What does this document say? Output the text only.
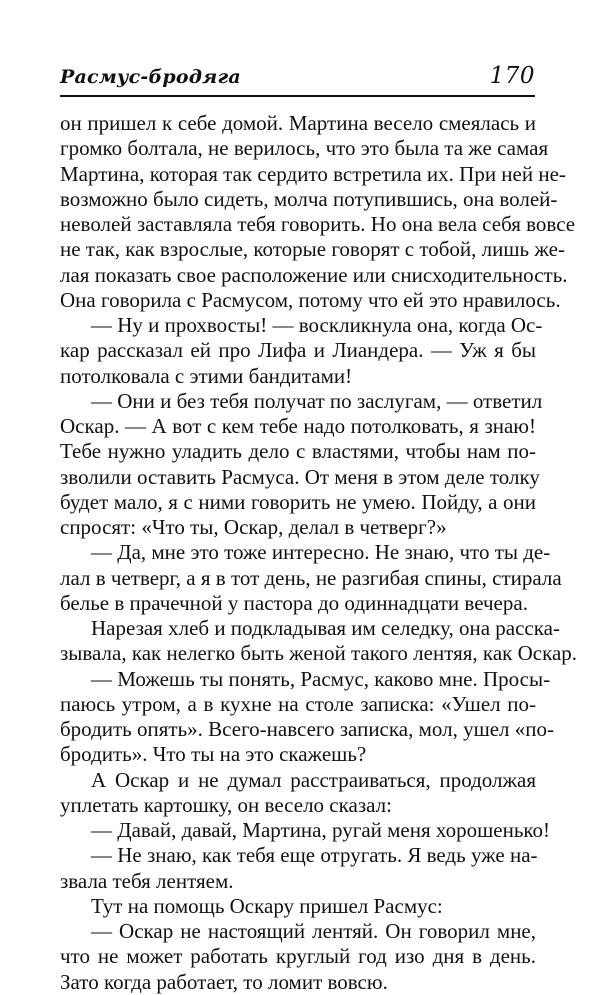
Расмус-бродяга	170
он пришел к себе домой. Мартина весело смеялась и
громко болтала, не верилось, что это была та же самая
Мартина, которая так сердито встретила их. При ней не-
возможно было сидеть, молча потупившись, она волей-
неволей заставляла тебя говорить. Но она вела себя вовсе
не так, как взрослые, которые говорят с тобой, лишь же-
лая показать свое расположение или снисходительность.
Она говорила с Расмусом, потому что ей это нравилось.
— Ну и прохвосты! — воскликнула она, когда Ос-
кар рассказал ей про Лифа и Лиандера. — Уж я бы
потолковала с этими бандитами!
— Они и без тебя получат по заслугам, — ответил
Оскар. — А вот с кем тебе надо потолковать, я знаю!
Тебе нужно уладить дело с властями, чтобы нам по-
зволили оставить Расмуса. От меня в этом деле толку
будет мало, я с ними говорить не умею. Пойду, а они
спросят: «Что ты, Оскар, делал в четверг?»
— Да, мне это тоже интересно. Не знаю, что ты де-
лал в четверг, а я в тот день, не разгибая спины, стирала
белье в прачечной у пастора до одиннадцати вечера.
Нарезая хлеб и подкладывая им селедку, она расска-
зывала, как нелегко быть женой такого лентяя, как Оскар.
— Можешь ты понять, Расмус, каково мне. Просы-
паюсь утром, а в кухне на столе записка: «Ушел по-
бродить опять». Всего-навсего записка, мол, ушел «по-
бродить». Что ты на это скажешь?
А Оскар и не думал расстраиваться, продолжая
уплетать картошку, он весело сказал:
— Давай, давай, Мартина, ругай меня хорошенько!
— Не знаю, как тебя еще отругать. Я ведь уже на-
звала тебя лентяем.
Тут на помощь Оскару пришел Расмус:
— Оскар не настоящий лентяй. Он говорил мне,
что не может работать круглый год изо дня в день.
Зато когда работает, то ломит вовсю.
